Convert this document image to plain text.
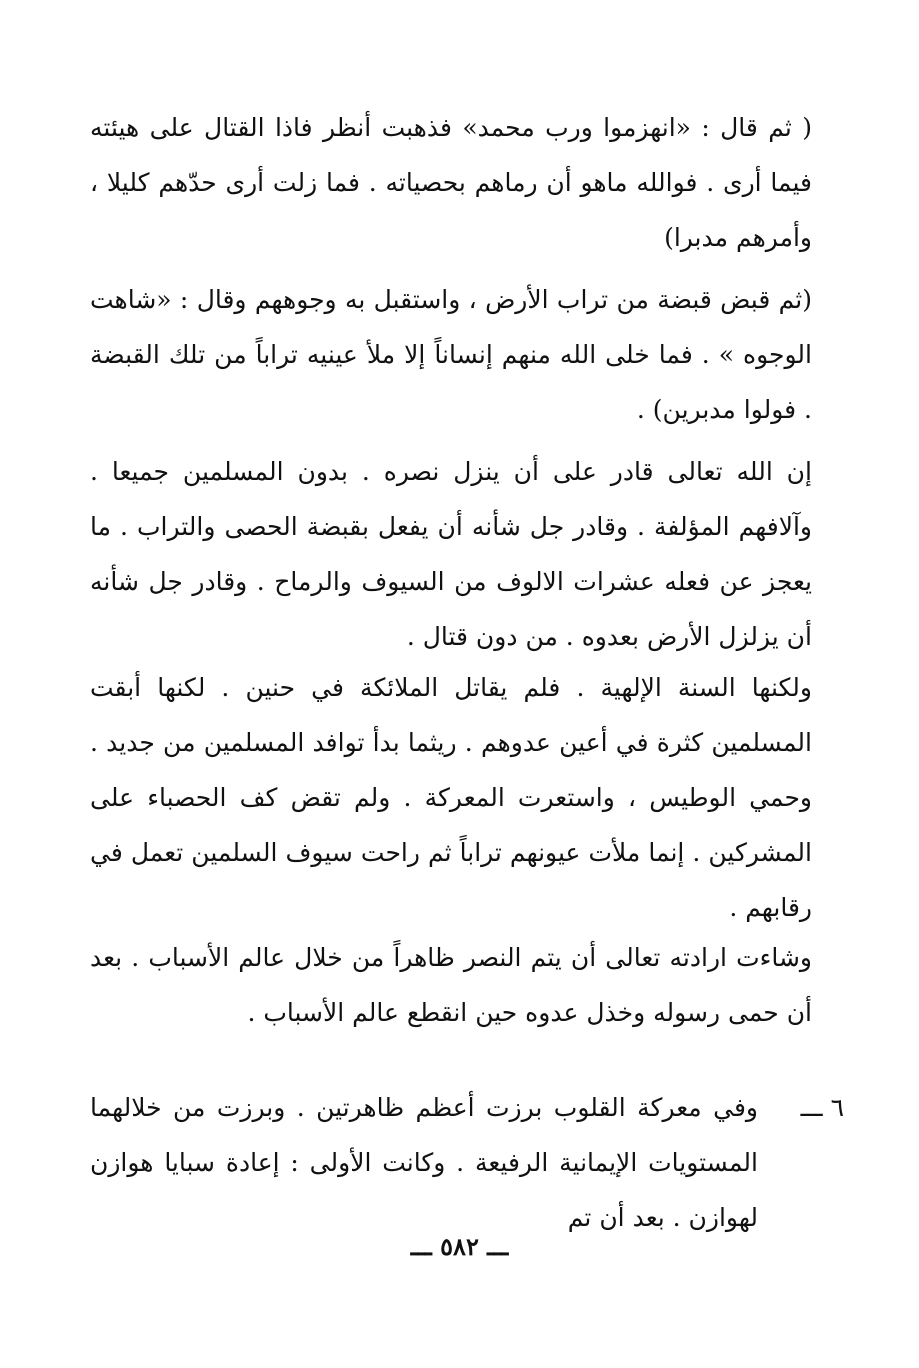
( ثم قال : «انهزموا ورب محمد» فذهبت أنظر فاذا القتال على هيئته فيما أرى . فوالله ماهو أن رماهم بحصياته . فما زلت أرى حدّهم كليلا ، وأمرهم مدبرا)

(ثم قبض قبضة من تراب الأرض ، واستقبل به وجوههم وقال : «شاهت الوجوه » . فما خلى الله منهم إنساناً إلا ملأ عينيه تراباً من تلك القبضة . فولوا مدبرين) .

إن الله تعالى قادر على أن ينزل نصره . بدون المسلمين جميعا . وآلافهم المؤلفة . وقادر جل شأنه أن يفعل بقبضة الحصى والتراب . ما يعجز عن فعله عشرات الالوف من السيوف والرماح . وقادر جل شأنه أن يزلزل الأرض بعدوه . من دون قتال .

ولكنها السنة الإلهية . فلم يقاتل الملائكة في حنين . لكنها أبقت المسلمين كثرة في أعين عدوهم . ريثما بدأ توافد المسلمين من جديد . وحمي الوطيس ، واستعرت المعركة . ولم تقض كف الحصباء على المشركين . إنما ملأت عيونهم تراباً ثم راحت سيوف السلمين تعمل في رقابهم .

وشاءت ارادته تعالى أن يتم النصر ظاهراً من خلال عالم الأسباب . بعد أن حمى رسوله وخذل عدوه حين انقطع عالم الأسباب .

٦ ـــ

وفي معركة القلوب برزت أعظم ظاهرتين . وبرزت من خلالهما المستويات الإيمانية الرفيعة . وكانت الأولى : إعادة سبايا هوازن لهوازن . بعد أن تم

ـــ ٥٨٢ ـــ
